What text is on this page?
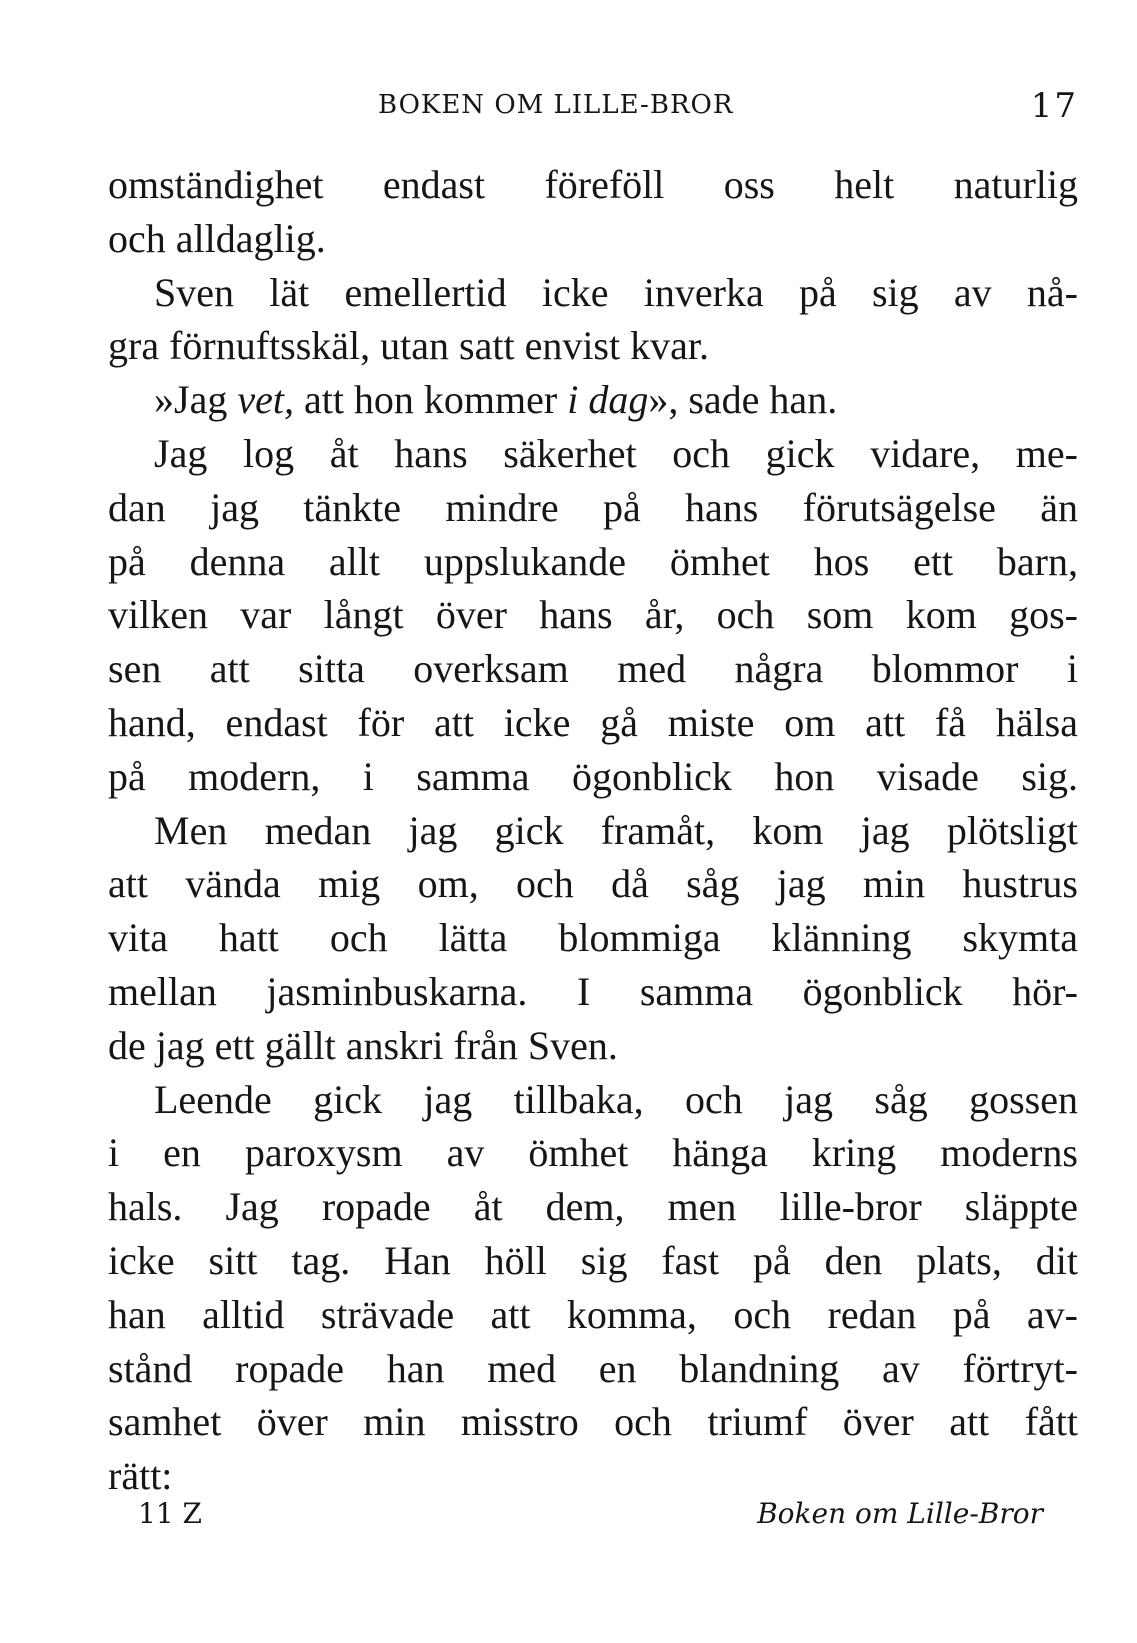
BOKEN OM LILLE-BROR	17
omständighet endast föreföll oss helt naturlig
och alldaglig.
Sven lät emellertid icke inverka på sig av nå-
gra förnuftsskäl, utan satt envist kvar.
»Jag vet, att hon kommer i dag», sade han.
Jag log åt hans säkerhet och gick vidare, me-
dan jag tänkte mindre på hans förutsägelse än
på denna allt uppslukande ömhet hos ett barn,
vilken var långt över hans år, och som kom gos-
sen att sitta overksam med några blommor i
hand, endast för att icke gå miste om att få hälsa
på modern, i samma ögonblick hon visade sig.
Men medan jag gick framåt, kom jag plötsligt
att vända mig om, och då såg jag min hustrus
vita hatt och lätta blommiga klänning skymta
mellan jasminbuskarna. I samma ögonblick hör-
de jag ett gällt anskri från Sven.
Leende gick jag tillbaka, och jag såg gossen
i en paroxysm av ömhet hänga kring moderns
hals. Jag ropade åt dem, men lille-bror släppte
icke sitt tag. Han höll sig fast på den plats, dit
han alltid strävade att komma, och redan på av-
stånd ropade han med en blandning av förtryt-
samhet över min misstro och triumf över att fått
rätt:
11 Z	Boken om Lille-Bror
